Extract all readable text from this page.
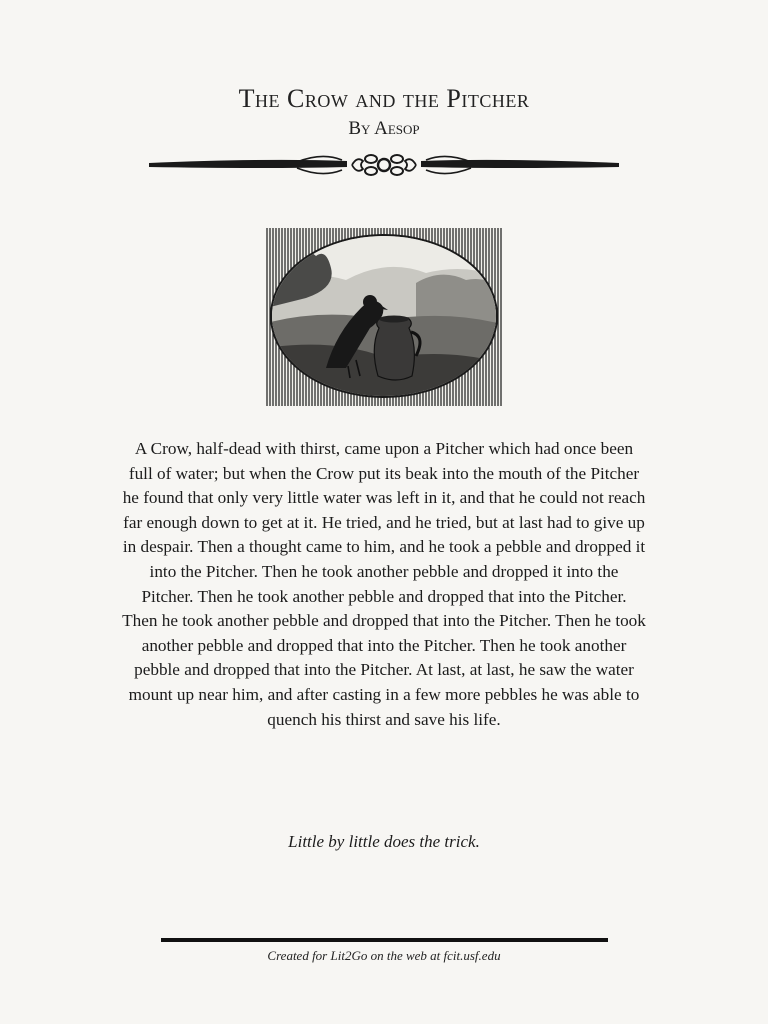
The Crow and the Pitcher
By Aesop
A Crow, half-dead with thirst, came upon a Pitcher which had once been full of water; but when the Crow put its beak into the mouth of the Pitcher he found that only very little water was left in it, and that he could not reach far enough down to get at it. He tried, and he tried, but at last had to give up in despair. Then a thought came to him, and he took a pebble and dropped it into the Pitcher. Then he took another pebble and dropped it into the Pitcher. Then he took another pebble and dropped that into the Pitcher. Then he took another pebble and dropped that into the Pitcher. Then he took another pebble and dropped that into the Pitcher. Then he took another pebble and dropped that into the Pitcher. At last, at last, he saw the water mount up near him, and after casting in a few more pebbles he was able to quench his thirst and save his life.
Little by little does the trick.
Created for Lit2Go on the web at fcit.usf.edu
